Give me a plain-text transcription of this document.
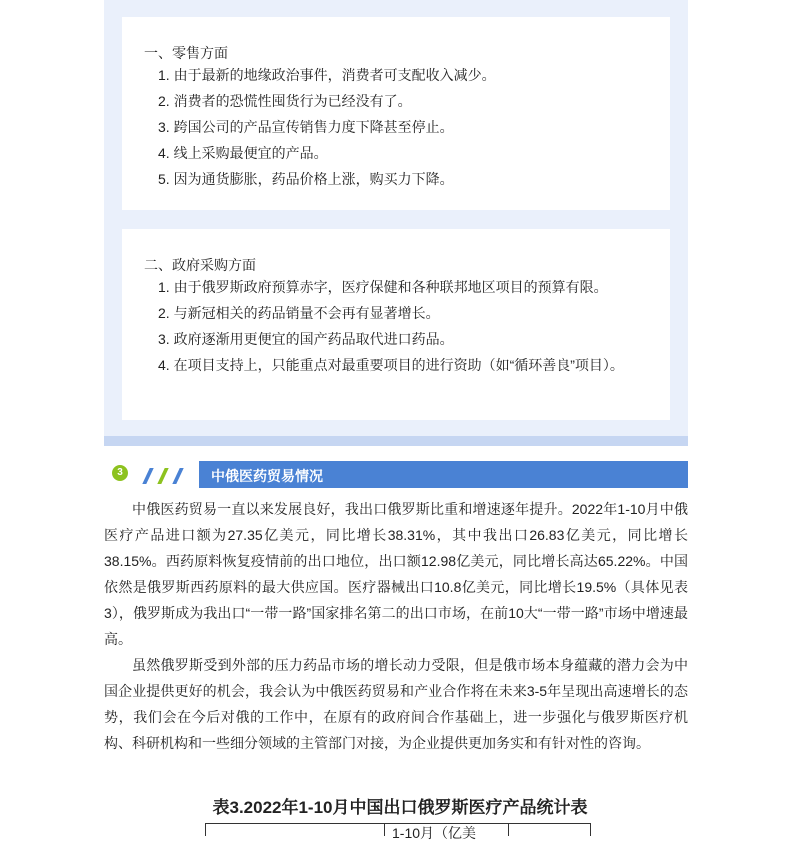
一、零售方面
1. 由于最新的地缘政治事件，消费者可支配收入减少。
2. 消费者的恐慌性囤货行为已经没有了。
3. 跨国公司的产品宣传销售力度下降甚至停止。
4. 线上采购最便宜的产品。
5. 因为通货膨胀，药品价格上涨，购买力下降。
二、政府采购方面
1. 由于俄罗斯政府预算赤字，医疗保健和各种联邦地区项目的预算有限。
2. 与新冠相关的药品销量不会再有显著增长。
3. 政府逐渐用更便宜的国产药品取代进口药品。
4. 在项目支持上，只能重点对最重要项目的进行资助（如“循环善良”项目）。
3	中俄医药贸易情况
中俄医药贸易一直以来发展良好，我出口俄罗斯比重和增速逐年提升。2022年1-10月中俄医疗产品进口额为27.35亿美元，同比增长38.31%，其中我出口26.83亿美元，同比增长38.15%。西药原料恢复疫情前的出口地位，出口额12.98亿美元，同比增长高达65.22%。中国依然是俄罗斯西药原料的最大供应国。医疗器械出口10.8亿美元，同比增长19.5%（具体见表3），俄罗斯成为我出口“一带一路”国家排名第二的出口市场，在前10大“一带一路”市场中增速最高。
虽然俄罗斯受到外部的压力药品市场的增长动力受限，但是俄市场本身蕴藏的潜力会为中国企业提供更好的机会，我会认为中俄医药贸易和产业合作将在未来3-5年呈现出高速增长的态势，我们会在今后对俄的工作中，在原有的政府间合作基础上，进一步强化与俄罗斯医疗机构、科研机构和一些细分领域的主管部门对接，为企业提供更加务实和有针对性的咨询。
表3.2022年1-10月中国出口俄罗斯医疗产品统计表
1-10月（亿美
